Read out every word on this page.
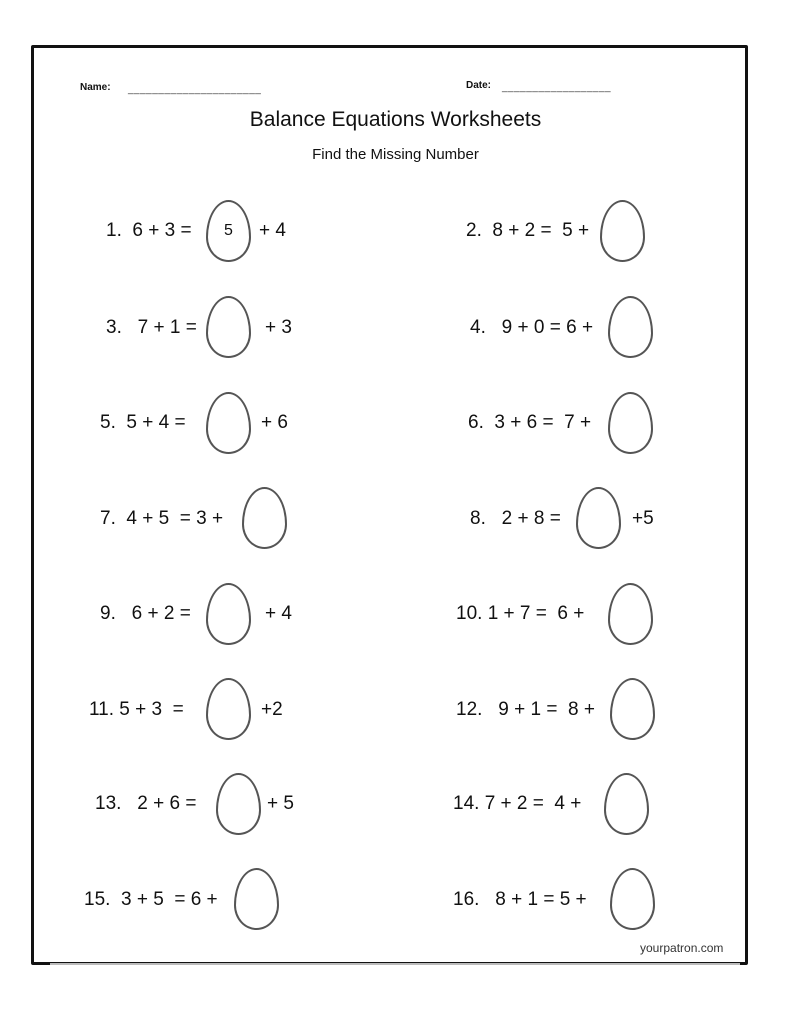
Name: ______________________	Date: __________________
Balance Equations Worksheets
Find the Missing Number
1.  6 + 3 =	5	+ 4	2.  8 + 2 =  5 +
3.   7 + 1 =	+ 3	4.   9 + 0 = 6 +
5.  5 + 4 =	+ 6	6.  3 + 6 =  7 +
7.  4 + 5  = 3 +	8.   2 + 8 =	+5
9.   6 + 2 =	+ 4	10. 1 + 7 =  6 +
11. 5 + 3  =	+2	12.   9 + 1 =  8 +
13.   2 + 6 =	+ 5	14. 7 + 2 =  4 +
15.  3 + 5  = 6 +	16.   8 + 1 = 5 +
yourpatron.com
